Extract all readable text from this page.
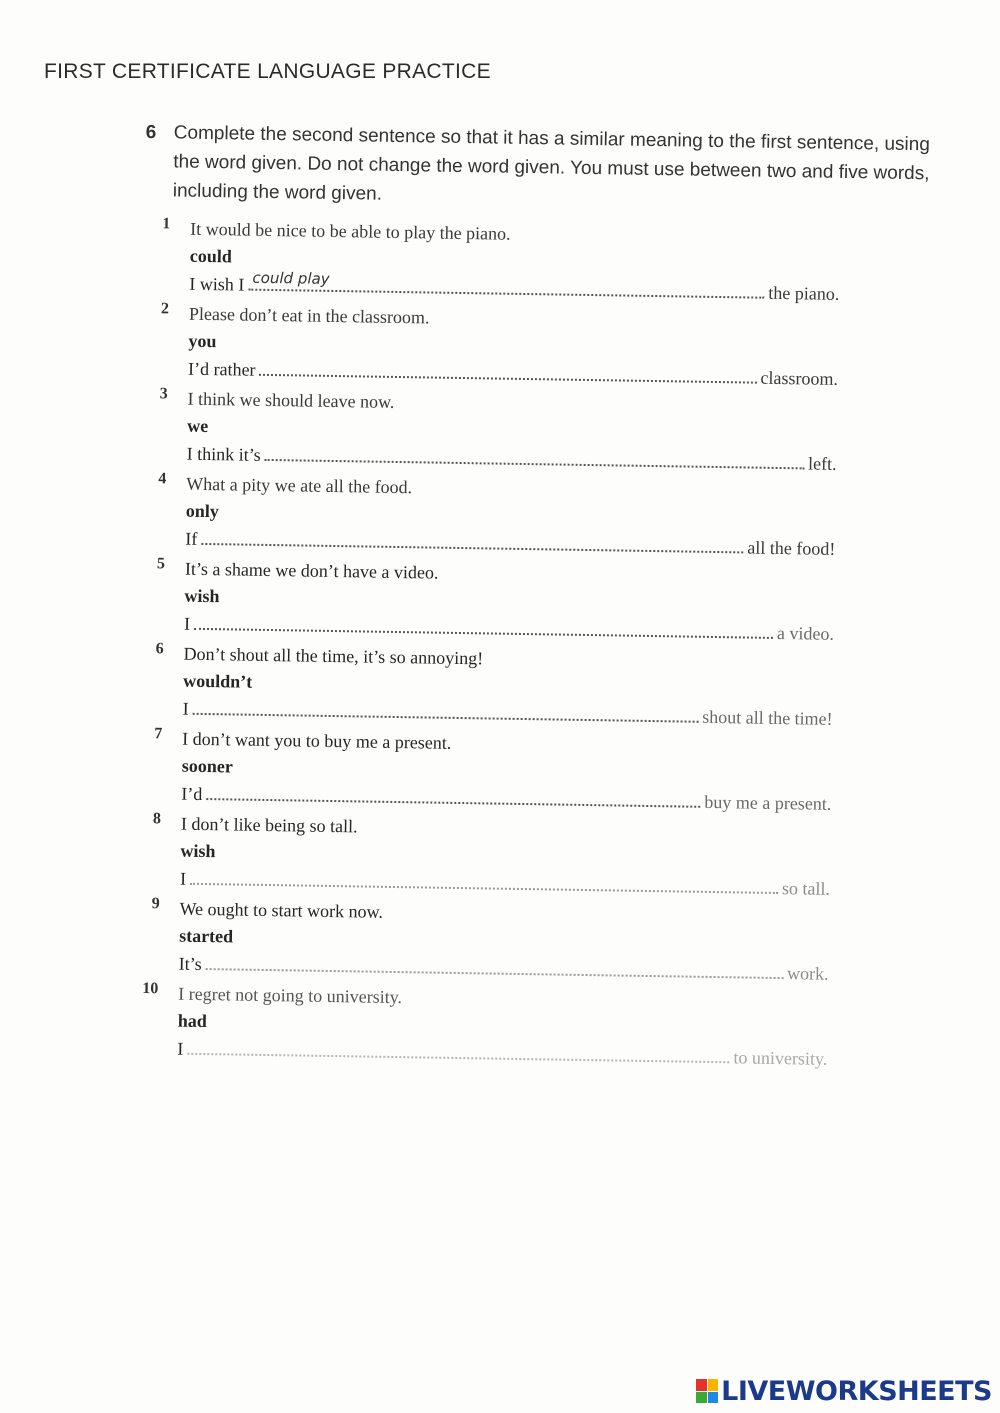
FIRST CERTIFICATE LANGUAGE PRACTICE
6 Complete the second sentence so that it has a similar meaning to the first sentence, using the word given. Do not change the word given. You must use between two and five words, including the word given.
1 It would be nice to be able to play the piano.
could
I wish I could play
the piano.
2 Please don’t eat in the classroom.
you
I’d rather	classroom.
3 I think we should leave now.
we
I think it’s	left.
4 What a pity we ate all the food.
only
If	all the food!
5 It’s a shame we don’t have a video.
wish
I	a video.
6 Don’t shout all the time, it’s so annoying!
wouldn’t
I	shout all the time!
7 I don’t want you to buy me a present.
sooner
I’d	buy me a present.
8 I don’t like being so tall.
wish
I	so tall.
9 We ought to start work now.
started
It’s	work.
10 I regret not going to university.
had
I	to university.
LIVEWORKSHEETS
